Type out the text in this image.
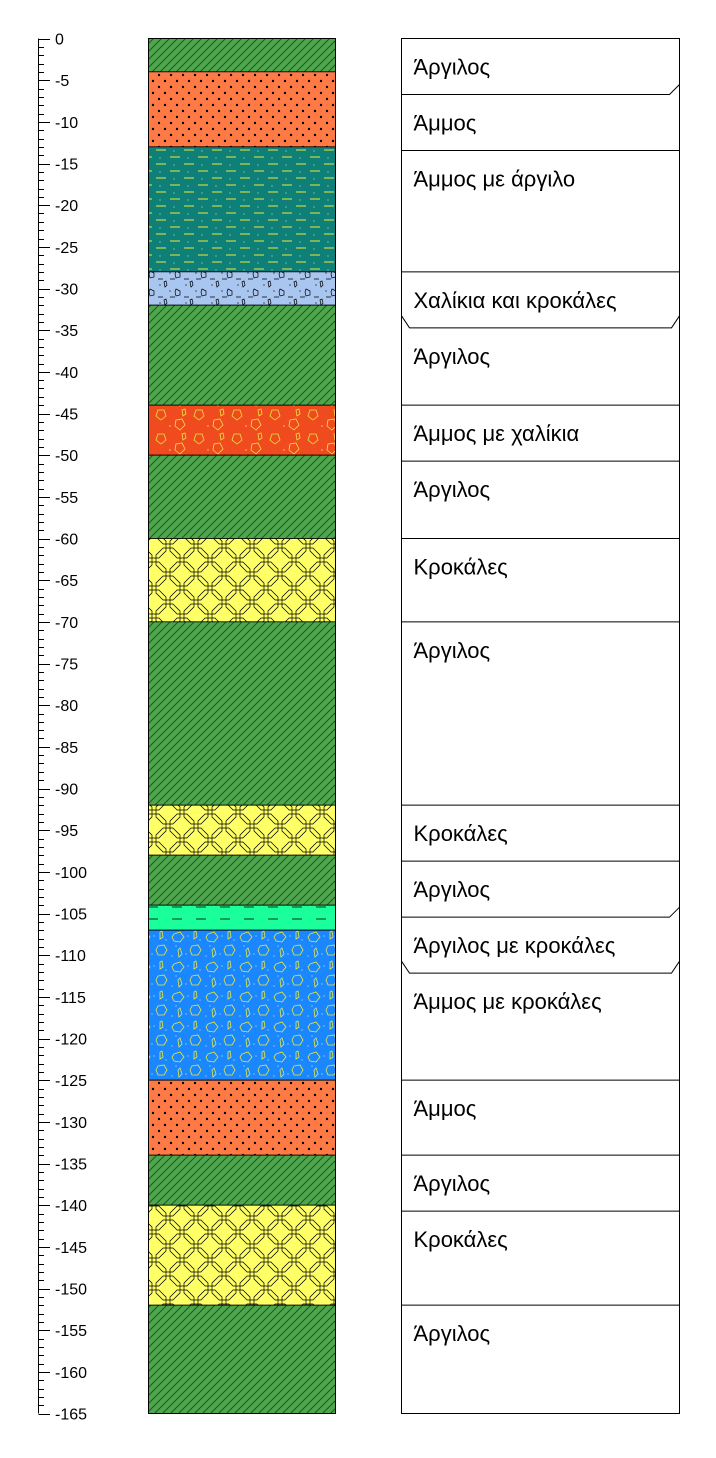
0
-5
-10
-15
-20
-25
-30
-35
-40
-45
-50
-55
-60
-65
-70
-75
-80
-85
-90
-95
-100
-105
-110
-115
-120
-125
-130
-135
-140
-145
-150
-155
-160
-165
Άργιλος
Άμμος
Άμμος με άργιλο
Χαλίκια και κροκάλες
Άργιλος
Άμμος με χαλίκια
Άργιλος
Κροκάλες
Άργιλος
Κροκάλες
Άργιλος
Άργιλος με κροκάλες
Άμμος με κροκάλες
Άμμος
Άργιλος
Κροκάλες
Άργιλος
